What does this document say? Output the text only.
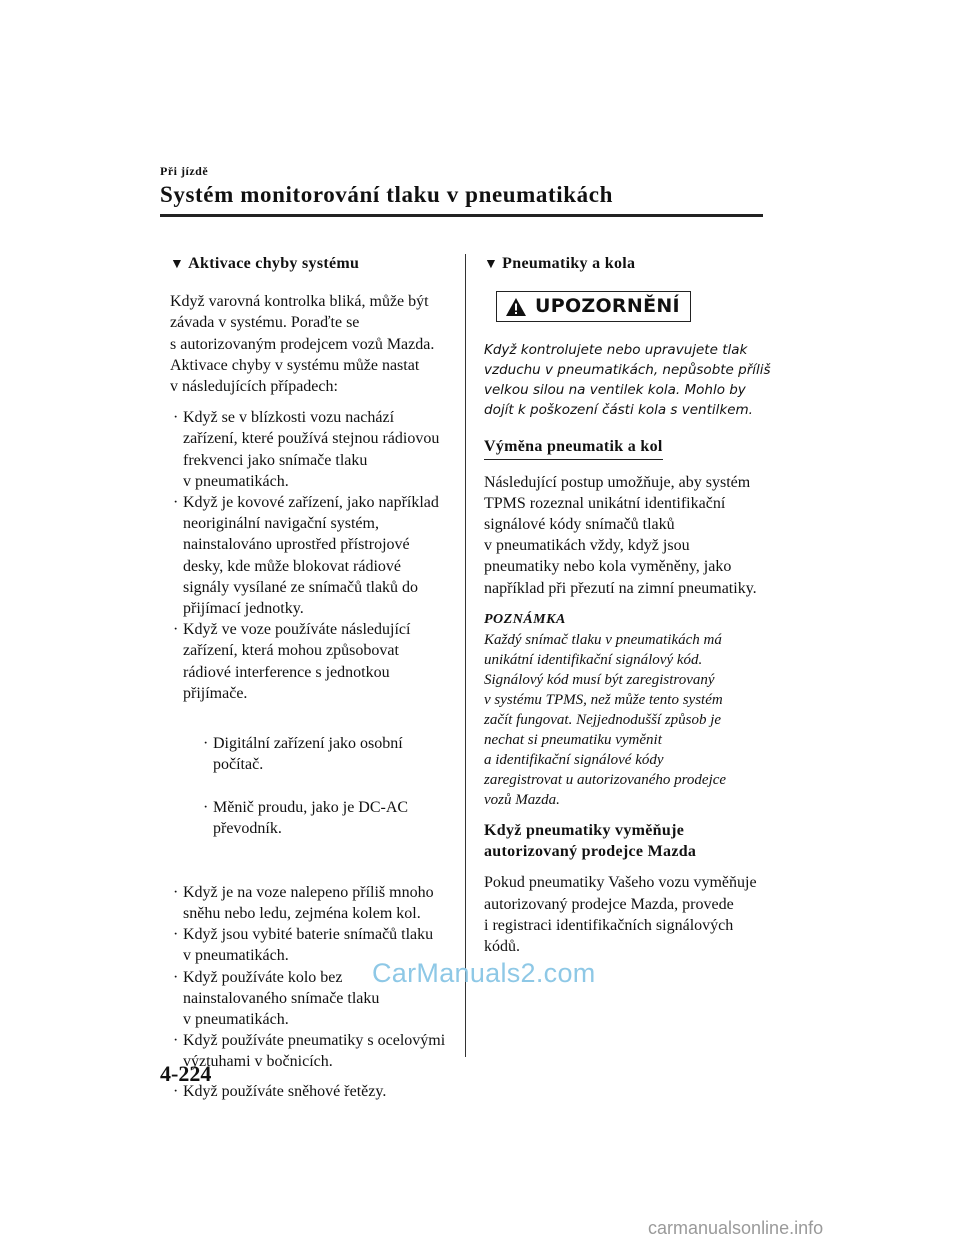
Při jízdě
Systém monitorování tlaku v pneumatikách
▼ Aktivace chyby systému

Když varovná kontrolka bliká, může být
závada v systému. Poraďte se
s autorizovaným prodejcem vozů Mazda.
Aktivace chyby v systému může nastat
v následujících případech:

· Když se v blízkosti vozu nachází
zařízení, které používá stejnou rádiovou
frekvenci jako snímače tlaku
v pneumatikách.
· Když je kovové zařízení, jako například
neoriginální navigační systém,
nainstalováno uprostřed přístrojové
desky, kde může blokovat rádiové
signály vysílané ze snímačů tlaků do
přijímací jednotky.
· Když ve voze používáte následující
zařízení, která mohou způsobovat
rádiové interference s jednotkou
přijímače.

· Digitální zařízení jako osobní počítač.

· Měnič proudu, jako je DC-AC
převodník.

· Když je na voze nalepeno příliš mnoho
sněhu nebo ledu, zejména kolem kol.
· Když jsou vybité baterie snímačů tlaku
v pneumatikách.
· Když používáte kolo bez
nainstalovaného snímače tlaku
v pneumatikách.
· Když používáte pneumatiky s ocelovými
výztuhami v bočnicích.
· Když používáte sněhové řetězy.
▼ Pneumatiky a kola
UPOZORNĚNÍ

Když kontrolujete nebo upravujete tlak
vzduchu v pneumatikách, nepůsobte příliš
velkou silou na ventilek kola. Mohlo by
dojít k poškození části kola s ventilkem.

Výměna pneumatik a kol

Následující postup umožňuje, aby systém
TPMS rozeznal unikátní identifikační
signálové kódy snímačů tlaků
v pneumatikách vždy, když jsou
pneumatiky nebo kola vyměněny, jako
například při přezutí na zimní pneumatiky.

POZNÁMKA

Každý snímač tlaku v pneumatikách má
unikátní identifikační signálový kód.
Signálový kód musí být zaregistrovaný
v systému TPMS, než může tento systém
začít fungovat. Nejjednodušší způsob je
nechat si pneumatiku vyměnit
a identifikační signálové kódy
zaregistrovat u autorizovaného prodejce
vozů Mazda.

Když pneumatiky vyměňuje
autorizovaný prodejce Mazda

Pokud pneumatiky Vašeho vozu vyměňuje
autorizovaný prodejce Mazda, provede
i registraci identifikačních signálových
kódů.

CarManuals2.com
4-224
carmanualsonline.info
